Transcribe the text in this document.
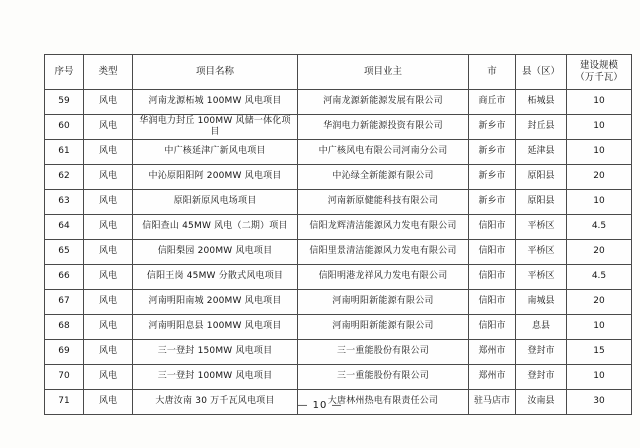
序号	类型	项目名称	项目业主	市	县（区）	建设规模
（万千瓦）

59	风电	河南龙源柘城 100MW 风电项目	河南龙源新能源发展有限公司	商丘市	柘城县	10
60	风电	华润电力封丘 100MW 风储一体化项目	华润电力新能源投资有限公司	新乡市	封丘县	10
61	风电	中广核延津广新风电项目	中广核风电有限公司河南分公司	新乡市	延津县	10
62	风电	中沁原阳阳阿 200MW 风电项目	中沁绿全新能源有限公司	新乡市	原阳县	20
63	风电	原阳新原风电场项目	河南新原健能科技有限公司	新乡市	原阳县	10
64	风电	信阳查山 45MW 风电（二期）项目	信阳龙辉清洁能源风力发电有限公司	信阳市	平桥区	4.5
65	风电	信阳梨园 200MW 风电项目	信阳里景清洁能源风力发电有限公司	信阳市	平桥区	20
66	风电	信阳王岗 45MW 分散式风电项目	信阳明港龙祥风力发电有限公司	信阳市	平桥区	4.5
67	风电	河南明阳南城 200MW 风电项目	河南明阳新能源有限公司	信阳市	南城县	20
68	风电	河南明阳息县 100MW 风电项目	河南明阳新能源有限公司	信阳市	息县	10
69	风电	三一登封 150MW 风电项目	三一重能股份有限公司	郑州市	登封市	15
70	风电	三一登封 100MW 风电项目	三一重能股份有限公司	郑州市	登封市	10
71	风电	大唐汝南 30 万千瓦风电项目	大唐林州热电有限责任公司	驻马店市	汝南县	30
— 10 —
